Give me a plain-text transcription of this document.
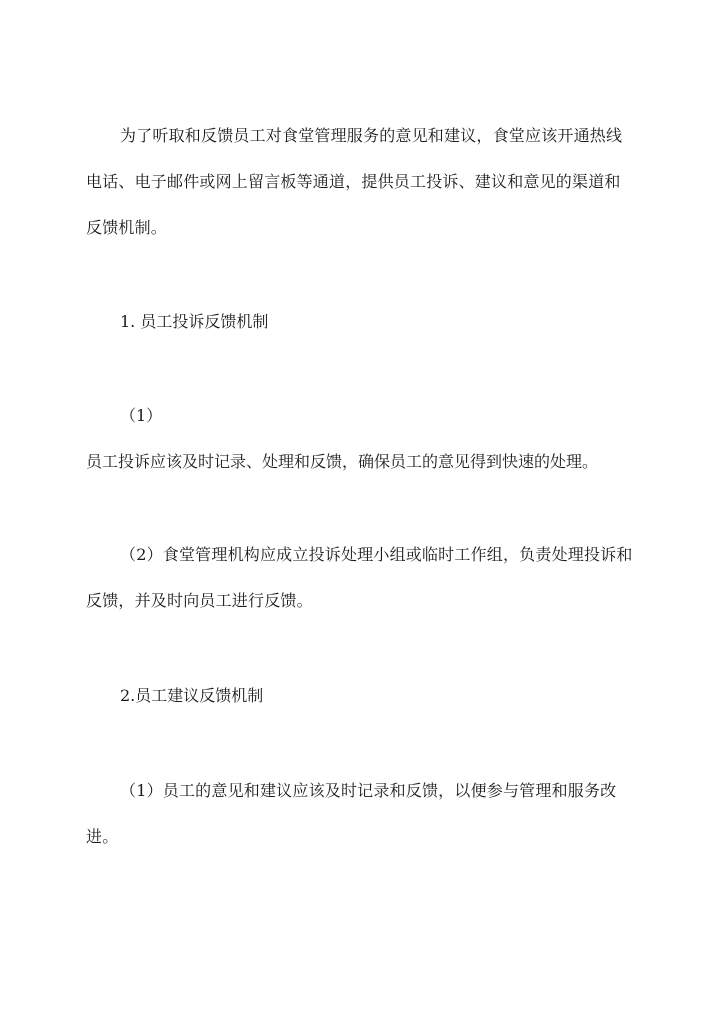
为了听取和反馈员工对食堂管理服务的意见和建议，食堂应该开通热线电话、电子邮件或网上留言板等通道，提供员工投诉、建议和意见的渠道和反馈机制。

1. 员工投诉反馈机制

（1）

员工投诉应该及时记录、处理和反馈，确保员工的意见得到快速的处理。

（2）食堂管理机构应成立投诉处理小组或临时工作组，负责处理投诉和反馈，并及时向员工进行反馈。

2.员工建议反馈机制

（1）员工的意见和建议应该及时记录和反馈，以便参与管理和服务改进。
